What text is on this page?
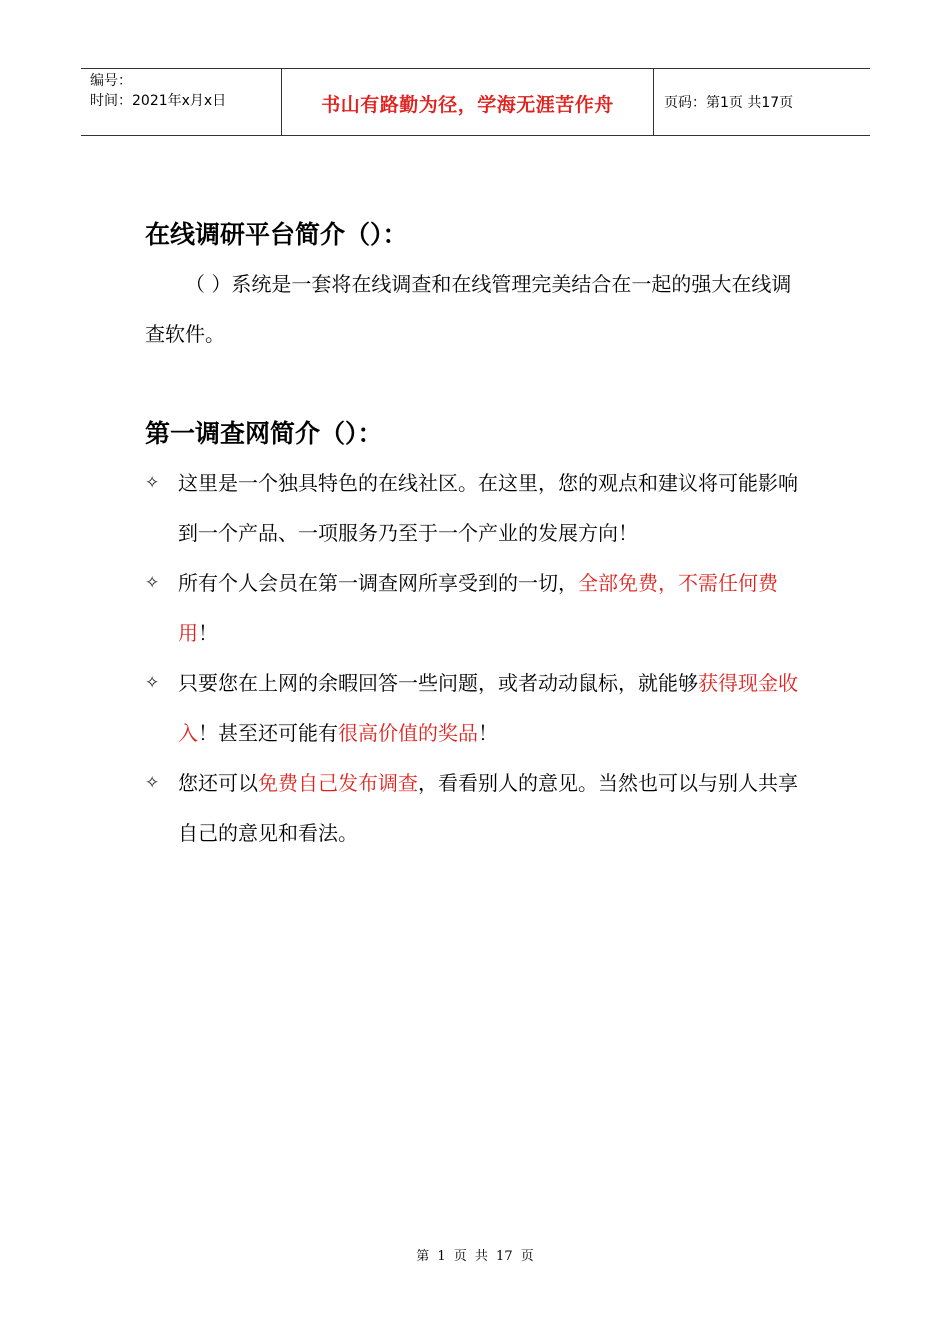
编号：
时间：2021年x月x日	书山有路勤为径，学海无涯苦作舟	页码：第1页 共17页
在线调研平台简介（）：
（ ）系统是一套将在线调查和在线管理完美结合在一起的强大在线调查软件。
第一调查网简介（）：
✧ 这里是一个独具特色的在线社区。在这里，您的观点和建议将可能影响到一个产品、一项服务乃至于一个产业的发展方向！
✧ 所有个人会员在第一调查网所享受到的一切，全部免费，不需任何费用！
✧ 只要您在上网的余暇回答一些问题，或者动动鼠标，就能够获得现金收入！甚至还可能有很高价值的奖品！
✧ 您还可以免费自己发布调查，看看别人的意见。当然也可以与别人共享自己的意见和看法。
第 1 页 共 17 页
